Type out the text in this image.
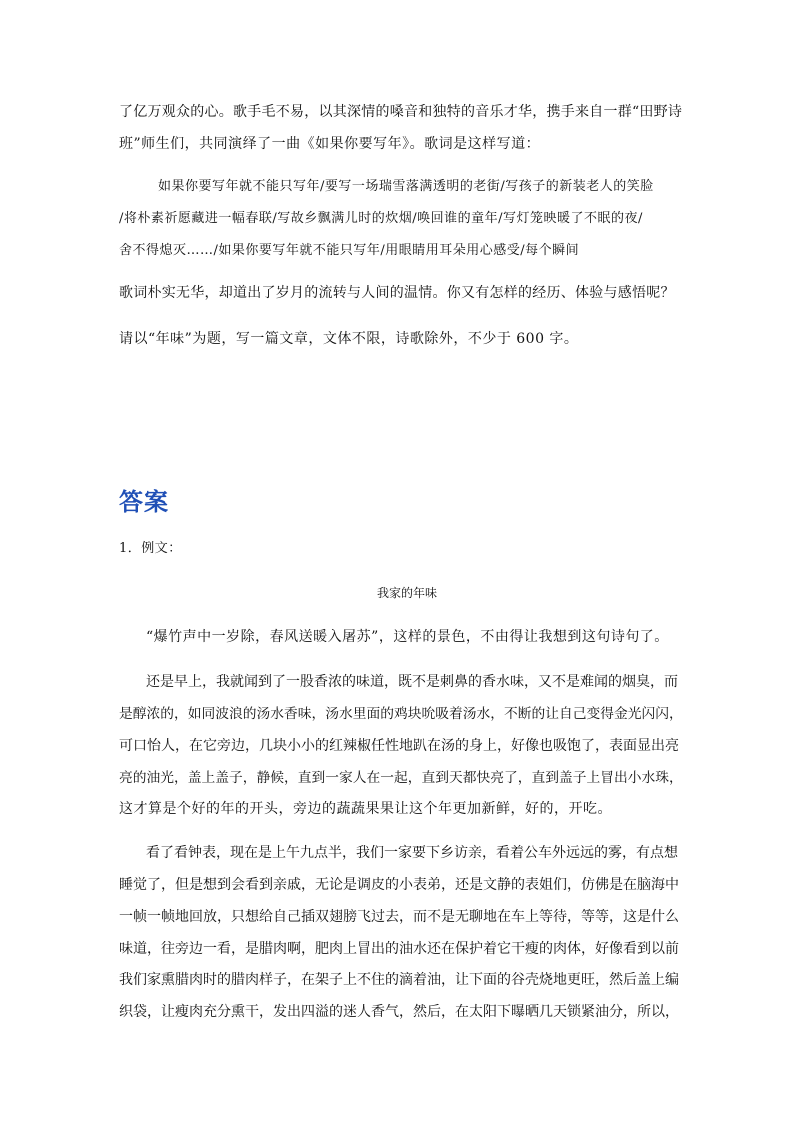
了亿万观众的心。歌手毛不易，以其深情的嗓音和独特的音乐才华，携手来自一群“田野诗
班”师生们，共同演绎了一曲《如果你要写年》。歌词是这样写道：
如果你要写年就不能只写年/要写一场瑞雪落满透明的老街/写孩子的新装老人的笑脸
/将朴素祈愿藏进一幅春联/写故乡飘满儿时的炊烟/唤回谁的童年/写灯笼映暖了不眠的夜/
舍不得熄灭……/如果你要写年就不能只写年/用眼睛用耳朵用心感受/每个瞬间
歌词朴实无华，却道出了岁月的流转与人间的温情。你又有怎样的经历、体验与感悟呢？
请以“年味”为题，写一篇文章，文体不限，诗歌除外，不少于 600 字。
答案
1．例文：
我家的年味
“爆竹声中一岁除，春风送暖入屠苏”，这样的景色，不由得让我想到这句诗句了。
还是早上，我就闻到了一股香浓的味道，既不是刺鼻的香水味，又不是难闻的烟臭，而
是醇浓的，如同波浪的汤水香味，汤水里面的鸡块吮吸着汤水，不断的让自己变得金光闪闪，
可口怡人，在它旁边，几块小小的红辣椒任性地趴在汤的身上，好像也吸饱了，表面显出亮
亮的油光，盖上盖子，静候，直到一家人在一起，直到天都快亮了，直到盖子上冒出小水珠，
这才算是个好的年的开头，旁边的蔬蔬果果让这个年更加新鲜，好的，开吃。
看了看钟表，现在是上午九点半，我们一家要下乡访亲，看着公车外远远的雾，有点想
睡觉了，但是想到会看到亲戚，无论是调皮的小表弟，还是文静的表姐们，仿佛是在脑海中
一帧一帧地回放，只想给自己插双翅膀飞过去，而不是无聊地在车上等待，等等，这是什么
味道，往旁边一看，是腊肉啊，肥肉上冒出的油水还在保护着它干瘦的肉体，好像看到以前
我们家熏腊肉时的腊肉样子，在架子上不住的滴着油，让下面的谷壳烧地更旺，然后盖上编
织袋，让瘦肉充分熏干，发出四溢的迷人香气，然后，在太阳下曝晒几天锁紧油分，所以，
